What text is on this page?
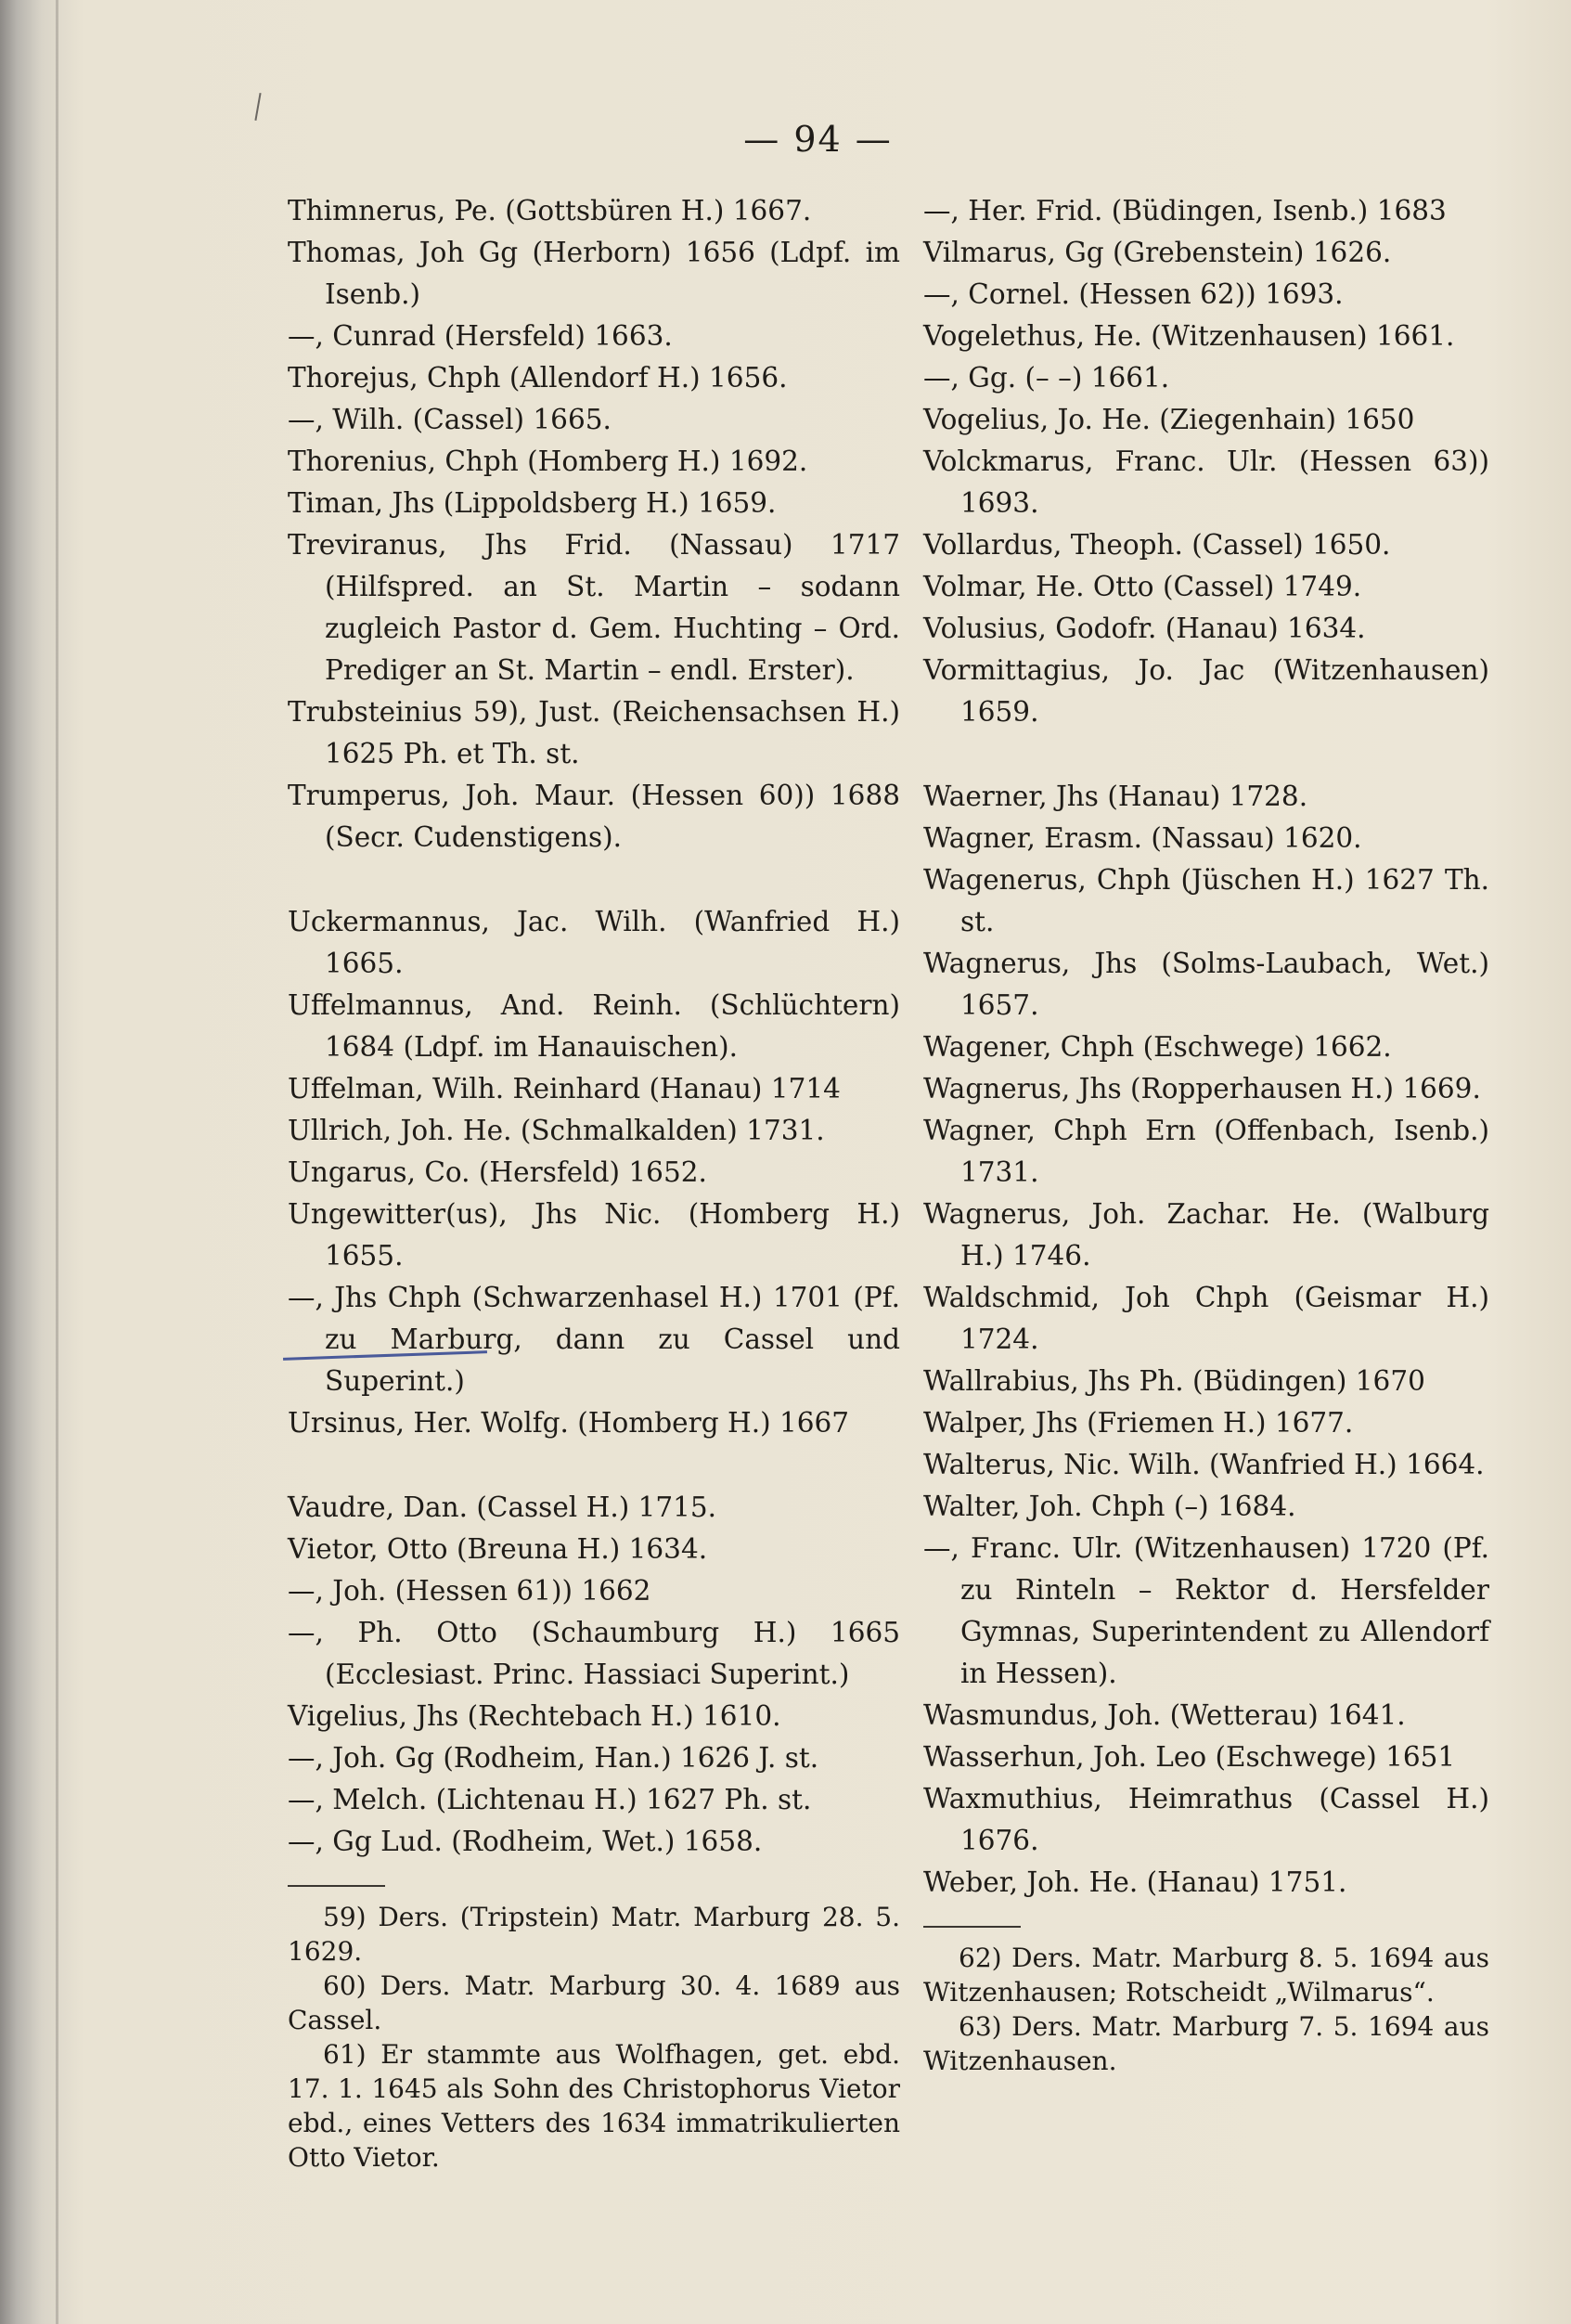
— 94 —
Thimnerus, Pe. (Gottsbüren H.) 1667.
Thomas, Joh Gg (Herborn) 1656 (Ldpf. im Isenb.)
—, Cunrad (Hersfeld) 1663.
Thorejus, Chph (Allendorf H.) 1656.
—, Wilh. (Cassel) 1665.
Thorenius, Chph (Homberg H.) 1692.
Timan, Jhs (Lippoldsberg H.) 1659.
Treviranus, Jhs Frid. (Nassau) 1717 (Hilfspred. an St. Martin – sodann zugleich Pastor d. Gem. Huchting – Ord. Prediger an St. Martin – endl. Erster).
Trubsteinius 59), Just. (Reichensachsen H.) 1625 Ph. et Th. st.
Trumperus, Joh. Maur. (Hessen 60)) 1688 (Secr. Cudenstigens).
Uckermannus, Jac. Wilh. (Wanfried H.) 1665.
Uffelmannus, And. Reinh. (Schlüchtern) 1684 (Ldpf. im Hanauischen).
Uffelman, Wilh. Reinhard (Hanau) 1714
Ullrich, Joh. He. (Schmalkalden) 1731.
Ungarus, Co. (Hersfeld) 1652.
Ungewitter(us), Jhs Nic. (Homberg H.) 1655.
—, Jhs Chph (Schwarzenhasel H.) 1701 (Pf. zu Marburg, dann zu Cassel und Superint.)
Ursinus, Her. Wolfg. (Homberg H.) 1667
Vaudre, Dan. (Cassel H.) 1715.
Vietor, Otto (Breuna H.) 1634.
—, Joh. (Hessen 61)) 1662
—, Ph. Otto (Schaumburg H.) 1665 (Ecclesiast. Princ. Hassiaci Superint.)
Vigelius, Jhs (Rechtebach H.) 1610.
—, Joh. Gg (Rodheim, Han.) 1626 J. st.
—, Melch. (Lichtenau H.) 1627 Ph. st.
—, Gg Lud. (Rodheim, Wet.) 1658.
59) Ders. (Tripstein) Matr. Marburg 28. 5. 1629.
60) Ders. Matr. Marburg 30. 4. 1689 aus Cassel.
61) Er stammte aus Wolfhagen, get. ebd. 17. 1. 1645 als Sohn des Christophorus Vietor ebd., eines Vetters des 1634 immatrikulierten Otto Vietor.
—, Her. Frid. (Büdingen, Isenb.) 1683
Vilmarus, Gg (Grebenstein) 1626.
—, Cornel. (Hessen 62)) 1693.
Vogelethus, He. (Witzenhausen) 1661.
—, Gg. (– –) 1661.
Vogelius, Jo. He. (Ziegenhain) 1650
Volckmarus, Franc. Ulr. (Hessen 63)) 1693.
Vollardus, Theoph. (Cassel) 1650.
Volmar, He. Otto (Cassel) 1749.
Volusius, Godofr. (Hanau) 1634.
Vormittagius, Jo. Jac (Witzenhausen) 1659.
Waerner, Jhs (Hanau) 1728.
Wagner, Erasm. (Nassau) 1620.
Wagenerus, Chph (Jüschen H.) 1627 Th. st.
Wagnerus, Jhs (Solms-Laubach, Wet.) 1657.
Wagener, Chph (Eschwege) 1662.
Wagnerus, Jhs (Ropperhausen H.) 1669.
Wagner, Chph Ern (Offenbach, Isenb.) 1731.
Wagnerus, Joh. Zachar. He. (Walburg H.) 1746.
Waldschmid, Joh Chph (Geismar H.) 1724.
Wallrabius, Jhs Ph. (Büdingen) 1670
Walper, Jhs (Friemen H.) 1677.
Walterus, Nic. Wilh. (Wanfried H.) 1664.
Walter, Joh. Chph (–) 1684.
—, Franc. Ulr. (Witzenhausen) 1720 (Pf. zu Rinteln – Rektor d. Hersfelder Gymnas, Superintendent zu Allendorf in Hessen).
Wasmundus, Joh. (Wetterau) 1641.
Wasserhun, Joh. Leo (Eschwege) 1651
Waxmuthius, Heimrathus (Cassel H.) 1676.
Weber, Joh. He. (Hanau) 1751.
62) Ders. Matr. Marburg 8. 5. 1694 aus Witzenhausen; Rotscheidt „Wilmarus“.
63) Ders. Matr. Marburg 7. 5. 1694 aus Witzenhausen.
